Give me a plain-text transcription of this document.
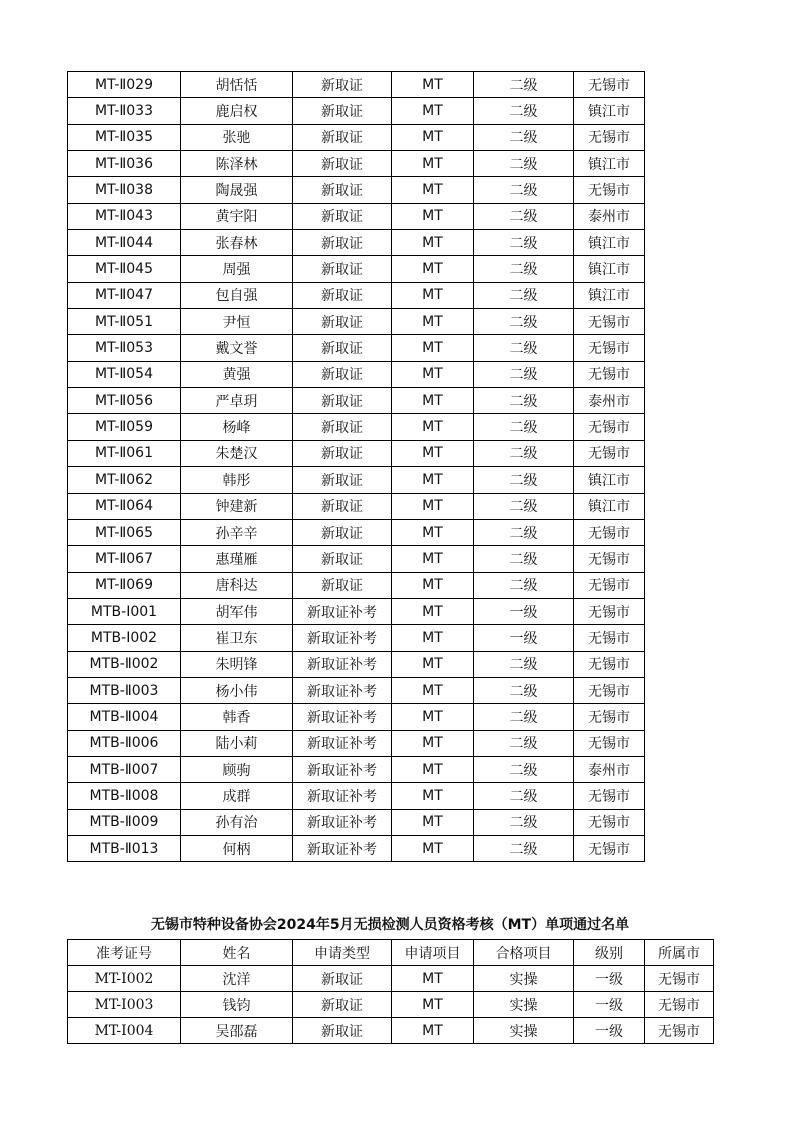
MT-Ⅱ029	胡恬恬	新取证	MT	二级	无锡市
MT-Ⅱ033	鹿启权	新取证	MT	二级	镇江市
MT-Ⅱ035	张驰	新取证	MT	二级	无锡市
MT-Ⅱ036	陈泽林	新取证	MT	二级	镇江市
MT-Ⅱ038	陶晟强	新取证	MT	二级	无锡市
MT-Ⅱ043	黄宇阳	新取证	MT	二级	泰州市
MT-Ⅱ044	张春林	新取证	MT	二级	镇江市
MT-Ⅱ045	周强	新取证	MT	二级	镇江市
MT-Ⅱ047	包自强	新取证	MT	二级	镇江市
MT-Ⅱ051	尹恒	新取证	MT	二级	无锡市
MT-Ⅱ053	戴文誉	新取证	MT	二级	无锡市
MT-Ⅱ054	黄强	新取证	MT	二级	无锡市
MT-Ⅱ056	严卓玥	新取证	MT	二级	泰州市
MT-Ⅱ059	杨峰	新取证	MT	二级	无锡市
MT-Ⅱ061	朱楚汉	新取证	MT	二级	无锡市
MT-Ⅱ062	韩彤	新取证	MT	二级	镇江市
MT-Ⅱ064	钟建新	新取证	MT	二级	镇江市
MT-Ⅱ065	孙辛辛	新取证	MT	二级	无锡市
MT-Ⅱ067	惠瑾雁	新取证	MT	二级	无锡市
MT-Ⅱ069	唐科达	新取证	MT	二级	无锡市
MTB-Ⅰ001	胡军伟	新取证补考	MT	一级	无锡市
MTB-Ⅰ002	崔卫东	新取证补考	MT	一级	无锡市
MTB-Ⅱ002	朱明锋	新取证补考	MT	二级	无锡市
MTB-Ⅱ003	杨小伟	新取证补考	MT	二级	无锡市
MTB-Ⅱ004	韩香	新取证补考	MT	二级	无锡市
MTB-Ⅱ006	陆小莉	新取证补考	MT	二级	无锡市
MTB-Ⅱ007	顾驹	新取证补考	MT	二级	泰州市
MTB-Ⅱ008	成群	新取证补考	MT	二级	无锡市
MTB-Ⅱ009	孙有治	新取证补考	MT	二级	无锡市
MTB-Ⅱ013	何柄	新取证补考	MT	二级	无锡市
无锡市特种设备协会2024年5月无损检测人员资格考核（MT）单项通过名单
准考证号	姓名	申请类型	申请项目	合格项目	级别	所属市
MT-Ⅰ002	沈洋	新取证	MT	实操	一级	无锡市
MT-Ⅰ003	钱钧	新取证	MT	实操	一级	无锡市
MT-Ⅰ004	吴邵磊	新取证	MT	实操	一级	无锡市
